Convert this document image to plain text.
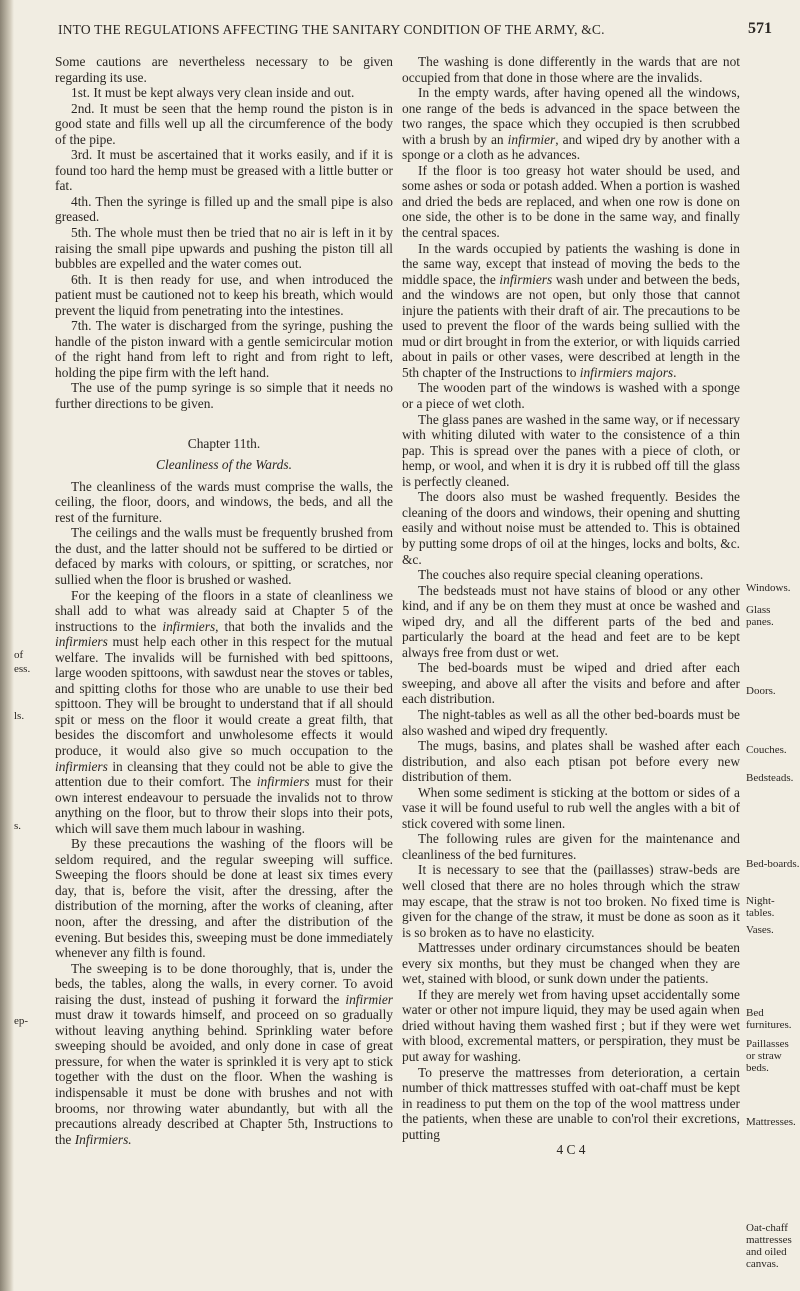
INTO THE REGULATIONS AFFECTING THE SANITARY CONDITION OF THE ARMY, &C.	571
of
ess.
ls.
s.
ep-

Some cautions are nevertheless necessary to be given regarding its use.

1st. It must be kept always very clean inside and out.

2nd. It must be seen that the hemp round the piston is in good state and fills well up all the circumference of the body of the pipe.

3rd. It must be ascertained that it works easily, and if it is found too hard the hemp must be greased with a little butter or fat.

4th. Then the syringe is filled up and the small pipe is also greased.

5th. The whole must then be tried that no air is left in it by raising the small pipe upwards and pushing the piston till all bubbles are expelled and the water comes out.

6th. It is then ready for use, and when introduced the patient must be cautioned not to keep his breath, which would prevent the liquid from penetrating into the intestines.

7th. The water is discharged from the syringe, pushing the handle of the piston inward with a gentle semicircular motion of the right hand from left to right and from right to left, holding the pipe firm with the left hand.

The use of the pump syringe is so simple that it needs no further directions to be given.

Chapter 11th.
Cleanliness of the Wards.

The cleanliness of the wards must comprise the walls, the ceiling, the floor, doors, and windows, the beds, and all the rest of the furniture.

The ceilings and the walls must be frequently brushed from the dust, and the latter should not be suffered to be dirtied or defaced by marks with colours, or spitting, or scratches, nor sullied when the floor is brushed or washed.

For the keeping of the floors in a state of cleanliness we shall add to what was already said at Chapter 5 of the instructions to the infirmiers, that both the invalids and the infirmiers must help each other in this respect for the mutual welfare. The invalids will be furnished with bed spittoons, large wooden spittoons, with sawdust near the stoves or tables, and spitting cloths for those who are unable to use their bed spittoon. They will be brought to understand that if all should spit or mess on the floor it would create a great filth, that besides the discomfort and unwholesome effects it would produce, it would also give so much occupation to the infirmiers in cleansing that they could not be able to give the attention due to their comfort. The infirmiers must for their own interest endeavour to persuade the invalids not to throw anything on the floor, but to throw their slops into their pots, which will save them much labour in washing.

By these precautions the washing of the floors will be seldom required, and the regular sweeping will suffice. Sweeping the floors should be done at least six times every day, that is, before the visit, after the dressing, after the distribution of the morning, after the works of cleaning, after noon, after the dressing, and after the distribution of the evening. But besides this, sweeping must be done immediately whenever any filth is found.

The sweeping is to be done thoroughly, that is, under the beds, the tables, along the walls, in every corner. To avoid raising the dust, instead of pushing it forward the infirmier must draw it towards himself, and proceed on so gradually without leaving anything behind. Sprinkling water before sweeping should be avoided, and only done in case of great pressure, for when the water is sprinkled it is very apt to stick together with the dust on the floor. When the washing is indispensable it must be done with brushes and not with brooms, nor throwing water abundantly, but with all the precautions already described at Chapter 5th, Instructions to the Infirmiers.

The washing is done differently in the wards that are not occupied from that done in those where are the invalids.

In the empty wards, after having opened all the windows, one range of the beds is advanced in the space between the two ranges, the space which they occupied is then scrubbed with a brush by an infirmier, and wiped dry by another with a sponge or a cloth as he advances.

If the floor is too greasy hot water should be used, and some ashes or soda or potash added. When a portion is washed and dried the beds are replaced, and when one row is done on one side, the other is to be done in the same way, and finally the central spaces.

In the wards occupied by patients the washing is done in the same way, except that instead of moving the beds to the middle space, the infirmiers wash under and between the beds, and the windows are not open, but only those that cannot injure the patients with their draft of air. The precautions to be used to prevent the floor of the wards being sullied with the mud or dirt brought in from the exterior, or with liquids carried about in pails or other vases, were described at length in the 5th chapter of the Instructions to infirmiers majors.

The wooden part of the windows is washed with a sponge or a piece of wet cloth.

The glass panes are washed in the same way, or if necessary with whiting diluted with water to the consistence of a thin pap. This is spread over the panes with a piece of cloth, or hemp, or wool, and when it is dry it is rubbed off till the glass is perfectly cleaned.

The doors also must be washed frequently. Besides the cleaning of the doors and windows, their opening and shutting easily and without noise must be attended to. This is obtained by putting some drops of oil at the hinges, locks and bolts, &c. &c.

The couches also require special cleaning operations.

The bedsteads must not have stains of blood or any other kind, and if any be on them they must at once be washed and wiped dry, and all the different parts of the bed and particularly the board at the head and feet are to be kept always free from dust or wet.

The bed-boards must be wiped and dried after each sweeping, and above all after the visits and before and after each distribution.

The night-tables as well as all the other bed-boards must be also washed and wiped dry frequently.

The mugs, basins, and plates shall be washed after each distribution, and also each ptisan pot before every new distribution of them.

When some sediment is sticking at the bottom or sides of a vase it will be found useful to rub well the angles with a bit of stick covered with some linen.

The following rules are given for the maintenance and cleanliness of the bed furnitures.

It is necessary to see that the (paillasses) straw-beds are well closed that there are no holes through which the straw may escape, that the straw is not too broken. No fixed time is given for the change of the straw, it must be done as soon as it is so broken as to have no elasticity.

Mattresses under ordinary circumstances should be beaten every six months, but they must be changed when they are wet, stained with blood, or sunk down under the patients.

If they are merely wet from having upset accidentally some water or other not impure liquid, they may be used again when dried without having them washed first ; but if they were wet with blood, excremental matters, or perspiration, they must be put away for washing.

To preserve the mattresses from deterioration, a certain number of thick mattresses stuffed with oat-chaff must be kept in readiness to put them on the top of the wool mattress under the patients, when these are unable to con'rol their excretions, putting

4 C 4
Windows.
Glass panes.
Doors.
Couches.
Bedsteads.
Bed-boards.
Night-tables.
Vases.
Bed furnitures.
Paillasses or straw beds.
Mattresses.
Oat-chaff mattresses and oiled canvas.
